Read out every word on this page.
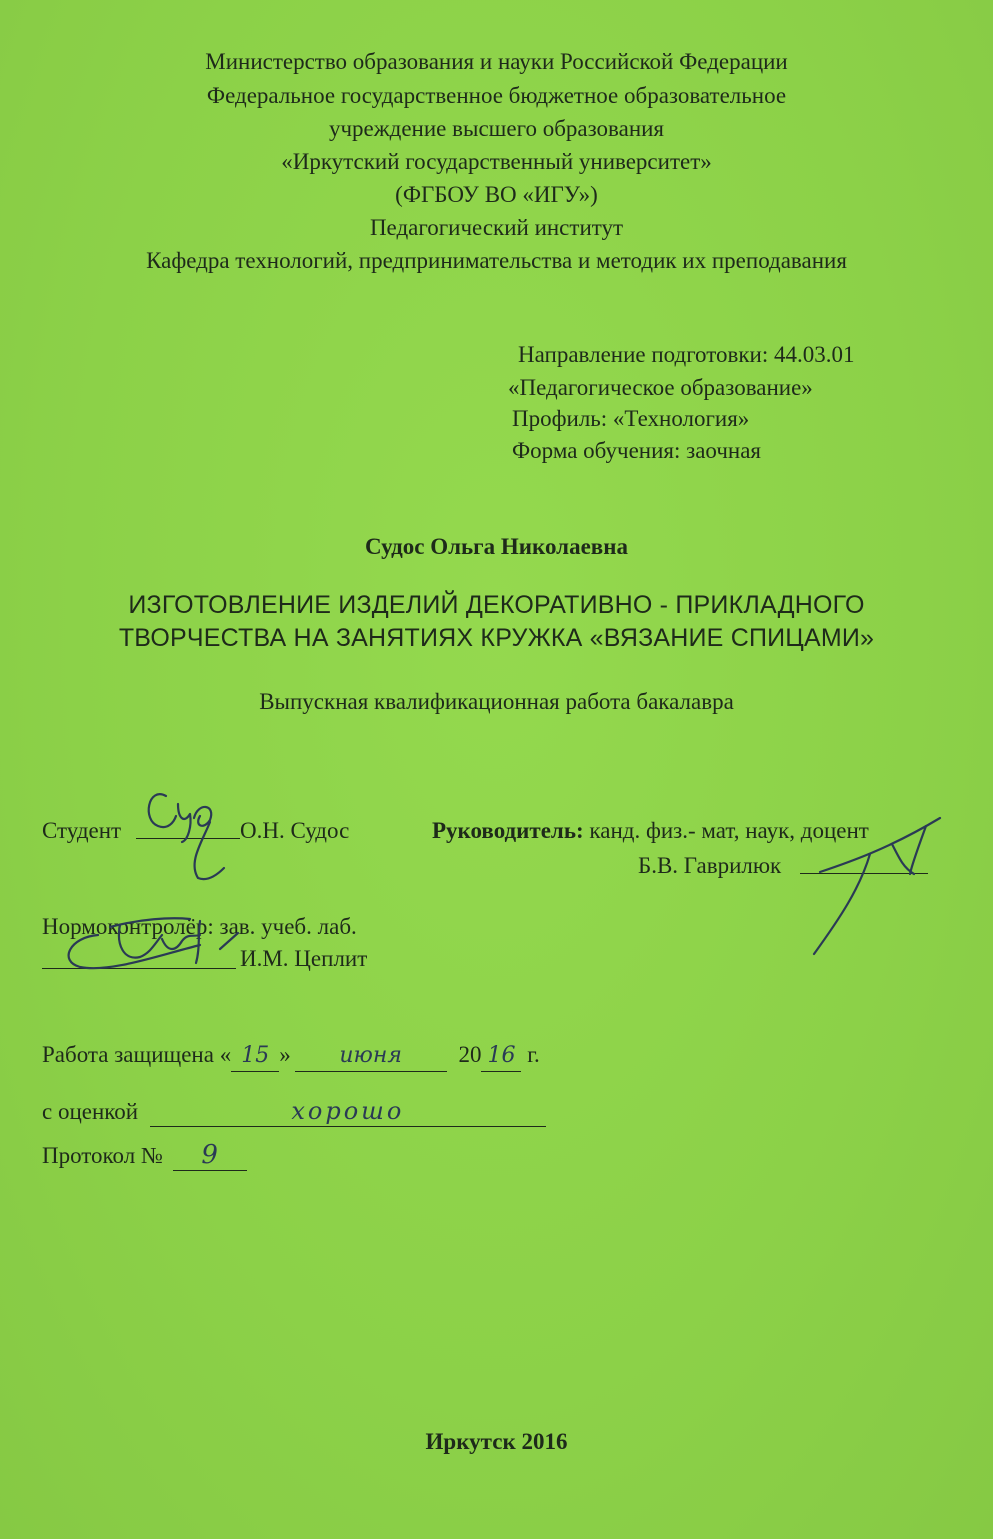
Министерство образования и науки Российской Федерации
Федеральное государственное бюджетное образовательное
учреждение высшего образования
«Иркутский государственный университет»
(ФГБОУ ВО «ИГУ»)
Педагогический институт
Кафедра технологий, предпринимательства и методик их преподавания
Направление подготовки: 44.03.01
«Педагогическое образование»
Профиль: «Технология»
Форма обучения: заочная
Судос Ольга Николаевна
ИЗГОТОВЛЕНИЕ ИЗДЕЛИЙ ДЕКОРАТИВНО - ПРИКЛАДНОГО
ТВОРЧЕСТВА НА ЗАНЯТИЯХ КРУЖКА «ВЯЗАНИЕ СПИЦАМИ»
Выпускная квалификационная работа бакалавра
Студент	О.Н. Судос	Руководитель: канд. физ.- мат, наук, доцент
Б.В. Гаврилюк
Нормоконтролёр: зав. учеб. лаб.
И.М. Цеплит
Работа защищена « 15 » июня 20 16 г.
с оценкой	хорошо
Протокол № 9
Иркутск 2016
